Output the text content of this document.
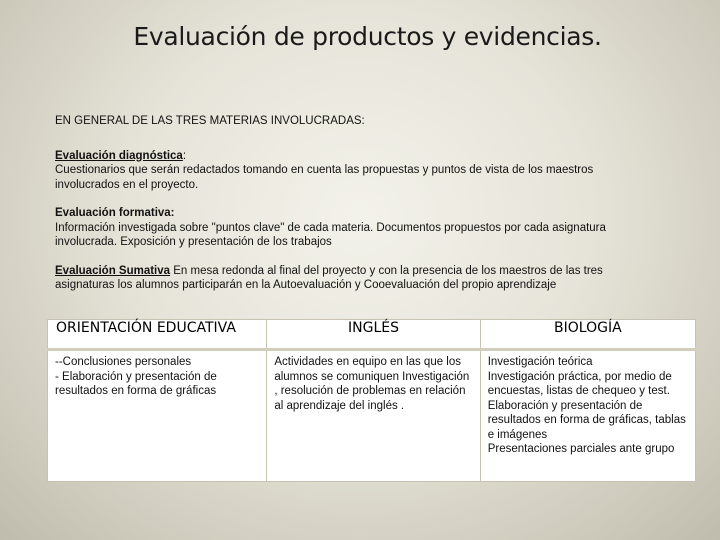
Evaluación de productos y evidencias.

EN GENERAL DE LAS TRES MATERIAS INVOLUCRADAS:

Evaluación diagnóstica:
Cuestionarios que serán redactados tomando en cuenta las propuestas y puntos de vista de los maestros involucrados en el proyecto.

Evaluación formativa:
Información investigada sobre "puntos clave" de cada materia. Documentos propuestos por cada asignatura involucrada. Exposición y presentación de los trabajos

Evaluación Sumativa En mesa redonda al final del proyecto y con la presencia de los maestros de las tres asignaturas los alumnos participarán en la Autoevaluación y Cooevaluación del propio aprendizaje

ORIENTACIÓN EDUCATIVA	INGLÉS	BIOLOGÍA

--Conclusiones personales
- Elaboración y presentación de resultados en forma de gráficas	Actividades en equipo en las que los alumnos se comuniquen Investigación , resolución de problemas en relación al aprendizaje del inglés .	Investigación teórica
Investigación práctica, por medio de encuestas, listas de chequeo y test.
Elaboración y presentación de resultados en forma de gráficas, tablas e imágenes
Presentaciones parciales ante grupo
